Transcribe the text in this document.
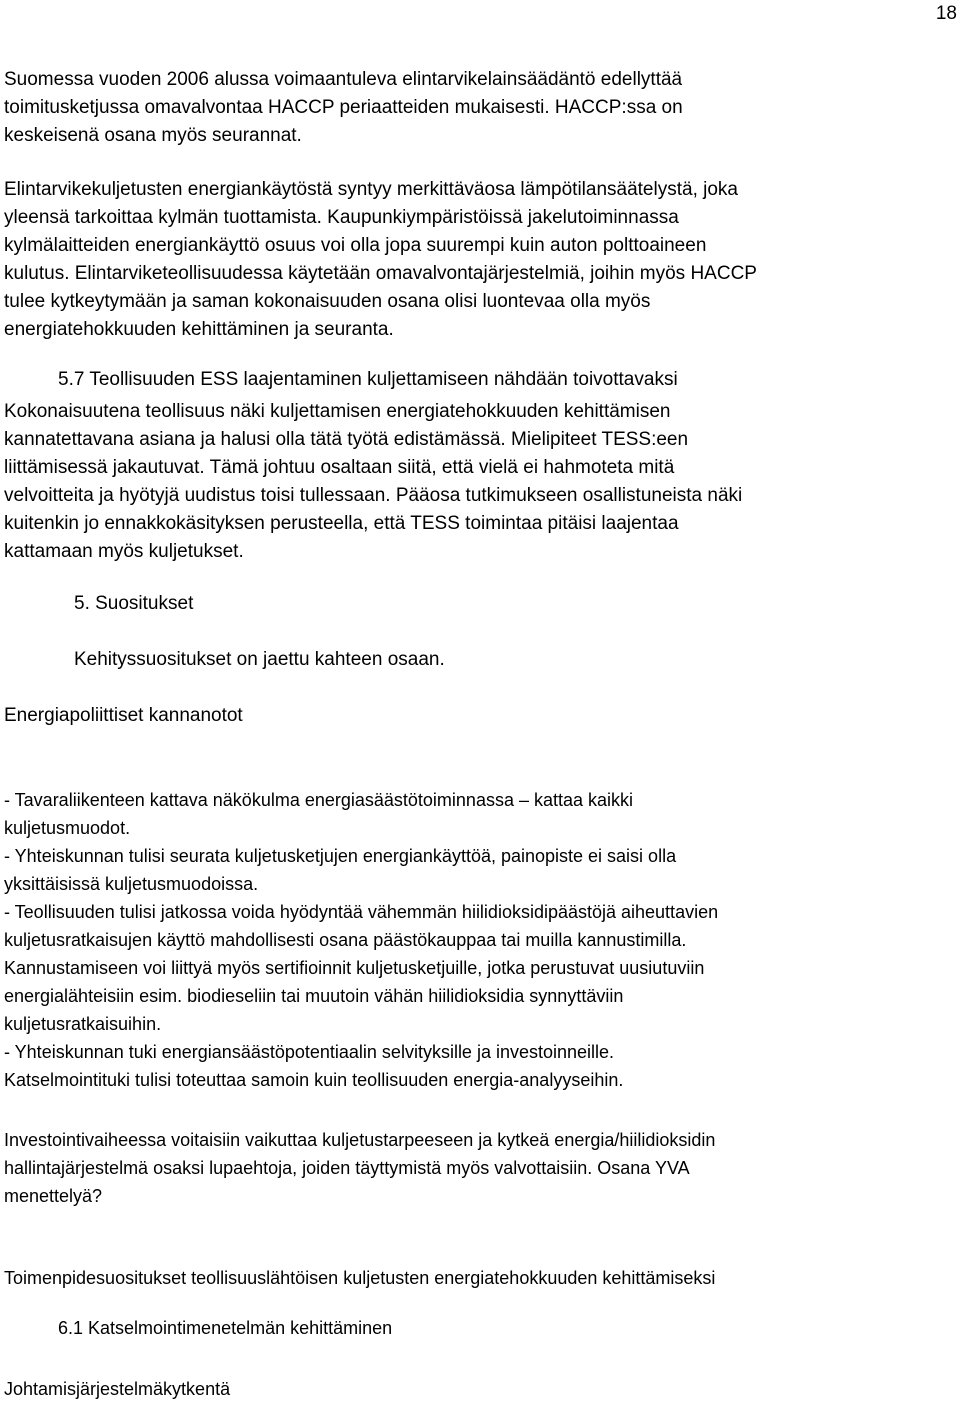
18
Suomessa vuoden 2006 alussa voimaantuleva elintarvikelainsäädäntö edellyttää
toimitusketjussa omavalvontaa HACCP periaatteiden mukaisesti. HACCP:ssa on
keskeisenä osana myös seurannat.
Elintarvikekuljetusten energiankäytöstä syntyy merkittäväosa lämpötilansäätelystä, joka
yleensä tarkoittaa kylmän tuottamista. Kaupunkiympäristöissä jakelutoiminnassa
kylmälaitteiden energiankäyttö osuus voi olla jopa suurempi kuin auton polttoaineen
kulutus. Elintarviketeollisuudessa käytetään omavalvontajärjestelmiä, joihin myös HACCP
tulee kytkeytymään ja saman kokonaisuuden osana olisi luontevaa olla myös
energiatehokkuuden kehittäminen ja seuranta.
5.7 Teollisuuden ESS laajentaminen kuljettamiseen nähdään toivottavaksi
Kokonaisuutena teollisuus näki kuljettamisen energiatehokkuuden kehittämisen
kannatettavana asiana ja halusi olla tätä työtä edistämässä. Mielipiteet TESS:een
liittämisessä jakautuvat. Tämä johtuu osaltaan siitä, että vielä ei hahmoteta mitä
velvoitteita ja hyötyjä uudistus toisi tullessaan. Pääosa tutkimukseen osallistuneista näki
kuitenkin jo ennakkokäsityksen perusteella, että TESS toimintaa pitäisi laajentaa
kattamaan myös kuljetukset.
5. Suositukset
Kehityssuositukset on jaettu kahteen osaan.
Energiapoliittiset kannanotot
- Tavaraliikenteen kattava näkökulma energiasäästötoiminnassa – kattaa kaikki
kuljetusmuodot.
- Yhteiskunnan tulisi seurata kuljetusketjujen energiankäyttöä, painopiste ei saisi olla
yksittäisissä kuljetusmuodoissa.
- Teollisuuden tulisi jatkossa voida hyödyntää vähemmän hiilidioksidipäästöjä aiheuttavien
kuljetusratkaisujen käyttö mahdollisesti osana päästökauppaa tai muilla kannustimilla.
Kannustamiseen voi liittyä myös sertifioinnit kuljetusketjuille, jotka perustuvat uusiutuviin
energialähteisiin esim. biodieseliin tai muutoin vähän hiilidioksidia synnyttäviin
kuljetusratkaisuihin.
- Yhteiskunnan tuki energiansäästöpotentiaalin selvityksille ja investoinneille.
Katselmointituki tulisi toteuttaa samoin kuin teollisuuden energia-analyyseihin.
Investointivaiheessa voitaisiin vaikuttaa kuljetustarpeeseen ja kytkeä energia/hiilidioksidin
hallintajärjestelmä osaksi lupaehtoja, joiden täyttymistä myös valvottaisiin. Osana YVA
menettelyä?
Toimenpidesuositukset teollisuuslähtöisen kuljetusten energiatehokkuuden kehittämiseksi
6.1 Katselmointimenetelmän kehittäminen
Johtamisjärjestelmäkytkentä
